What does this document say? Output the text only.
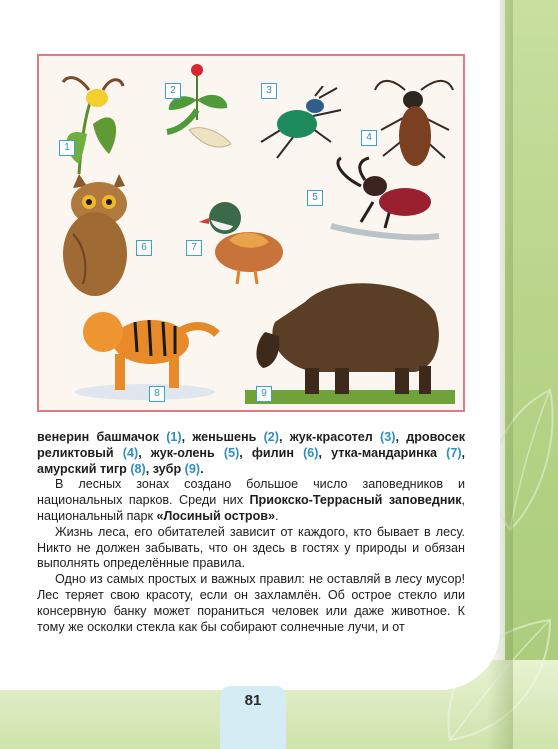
1
2	3
4
5
6	7
8	9

венерин башмачок (1), женьшень (2), жук-красотел (3), дровосек реликтовый (4), жук-олень (5), филин (6), утка-мандаринка (7), амурский тигр (8), зубр (9).

В лесных зонах создано большое число заповедников и национальных парков. Среди них Приокско-Террасный заповедник, национальный парк «Лосиный остров».

Жизнь леса, его обитателей зависит от каждого, кто бывает в лесу. Никто не должен забывать, что он здесь в гостях у природы и обязан выполнять определённые правила.

Одно из самых простых и важных правил: не оставляй в лесу мусор! Лес теряет свою красоту, если он захламлён. Об острое стекло или консервную банку может пораниться человек или даже животное. К тому же осколки стекла как бы собирают солнечные лучи, и от

81
